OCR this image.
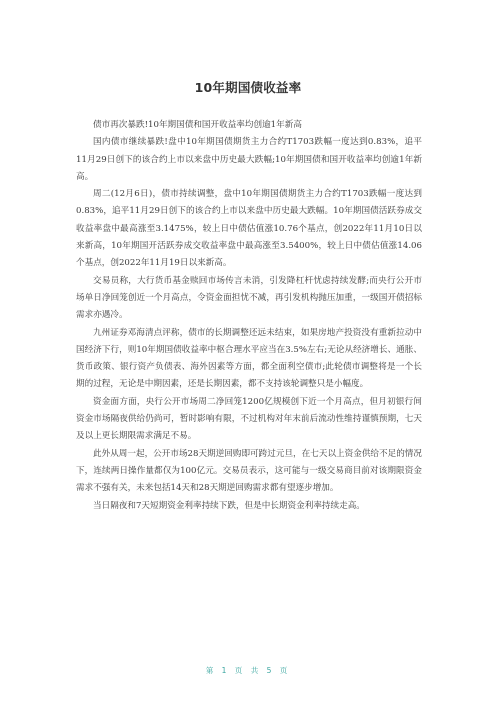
10年期国债收益率

债市再次暴跌!10年期国债和国开收益率均创逾1年新高

国内债市继续暴跌!盘中10年期国债期货主力合约T1703跌幅一度达到0.83%，追平11月29日创下的该合约上市以来盘中历史最大跌幅;10年期国债和国开收益率均创逾1年新高。

周二(12月6日)，债市持续调整，盘中10年期国债期货主力合约T1703跌幅一度达到0.83%，追平11月29日创下的该合约上市以来盘中历史最大跌幅。10年期国债活跃券成交收益率盘中最高涨至3.1475%，较上日中债估值涨10.76个基点，创2022年11月10日以来新高，10年期国开活跃券成交收益率盘中最高涨至3.5400%，较上日中债估值涨14.06个基点，创2022年11月19日以来新高。

交易员称，大行货币基金赎回市场传言未消，引发降杠杆忧虑持续发酵;而央行公开市场单日净回笼创近一个月高点，令资金面担忧不减，再引发机构抛压加重，一级国开债招标需求亦遇冷。

九州证券邓海清点评称，债市的长期调整还远未结束，如果房地产投资没有重新拉动中国经济下行，则10年期国债收益率中枢合理水平应当在3.5%左右;无论从经济增长、通胀、货币政策、银行资产负债表、海外因素等方面，都全面利空债市;此轮债市调整将是一个长期的过程，无论是中期因素，还是长期因素，都不支持该轮调整只是小幅度。

资金面方面，央行公开市场周二净回笼1200亿规模创下近一个月高点，但月初银行间资金市场隔夜供给仍尚可，暂时影响有限，不过机构对年末前后流动性维持谨慎预期，七天及以上更长期限需求满足不易。

此外从周一起，公开市场28天期逆回购即可跨过元旦，在七天以上资金供给不足的情况下，连续两日操作量都仅为100亿元。交易员表示，这可能与一级交易商目前对该期限资金需求不强有关，未来包括14天和28天期逆回购需求都有望逐步增加。

当日隔夜和7天短期资金利率持续下跌，但是中长期资金利率持续走高。

第 1 页 共 5 页
